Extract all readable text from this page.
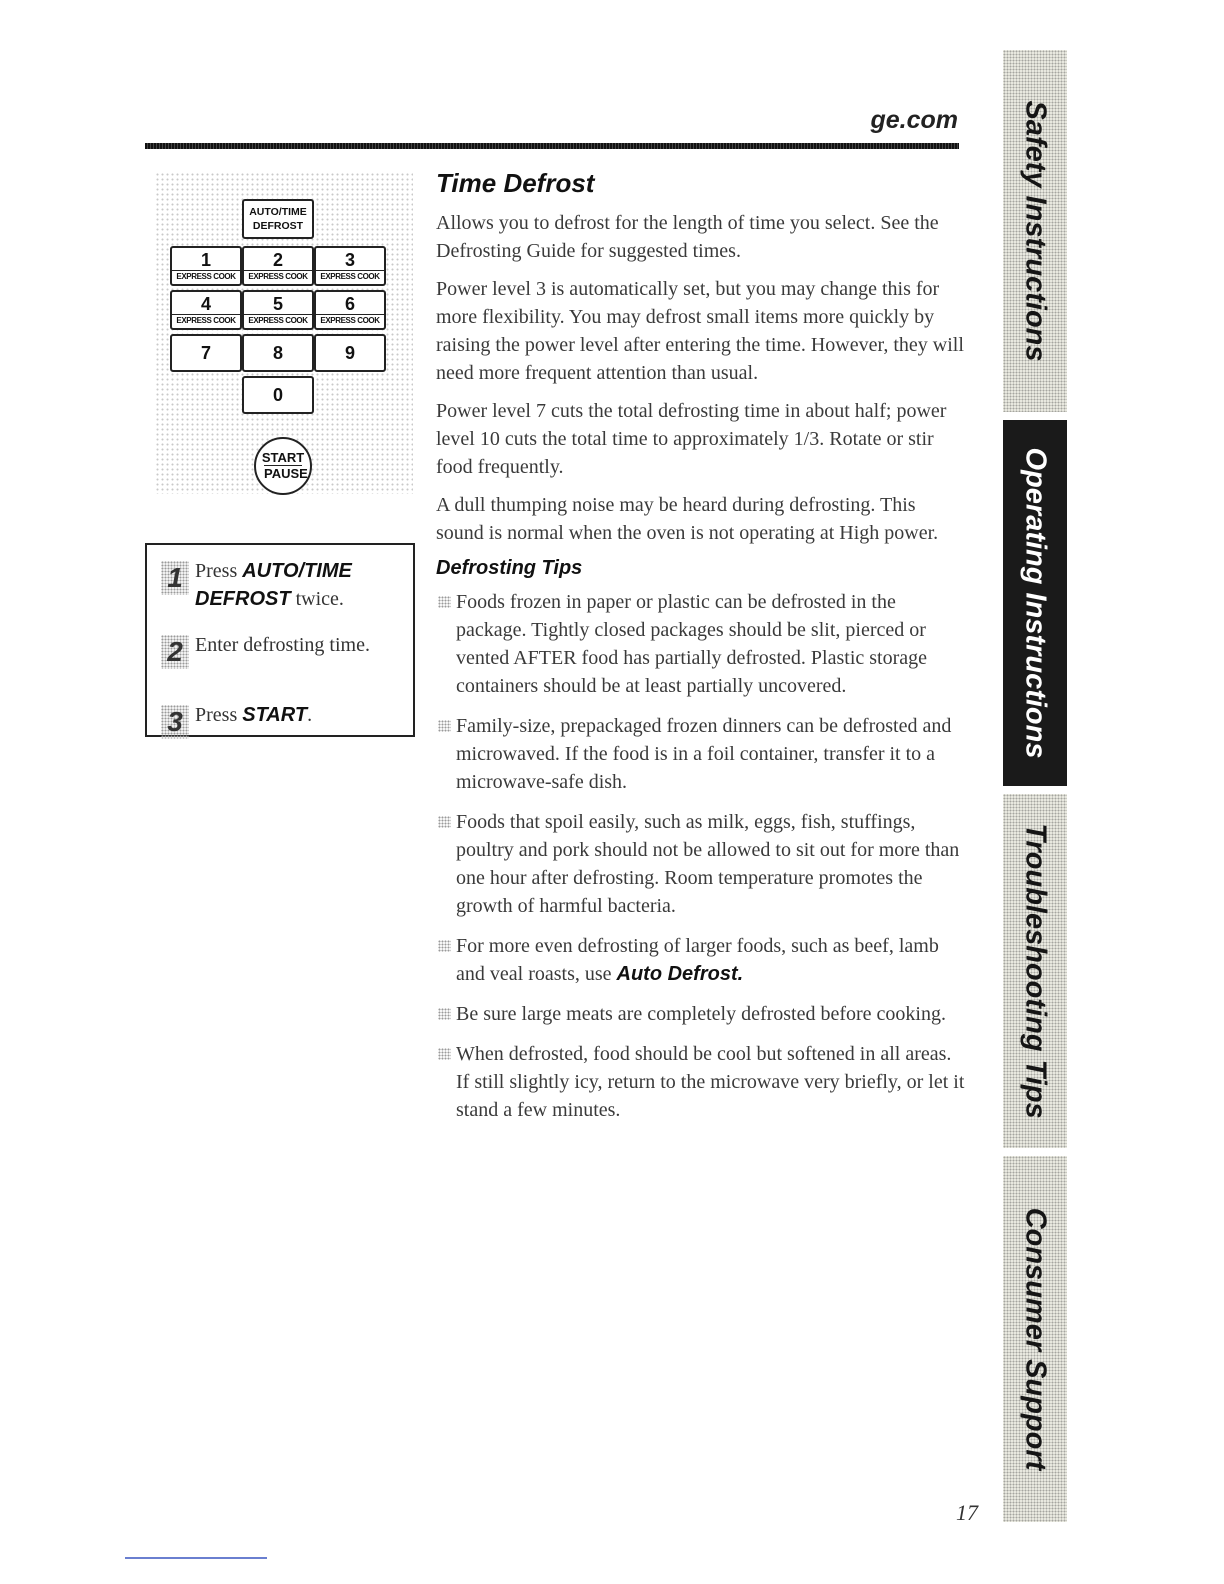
ge.com
AUTO/TIME
DEFROST
1
EXPRESS COOK
2
EXPRESS COOK
3
EXPRESS COOK
4
EXPRESS COOK
5
EXPRESS COOK
6
EXPRESS COOK
7	8	9
0
START
PAUSE
1 Press AUTO/TIME DEFROST twice.
2 Enter defrosting time.
3 Press START.
Time Defrost

Allows you to defrost for the length of time you select. See the Defrosting Guide for suggested times.

Power level 3 is automatically set, but you may change this for more flexibility. You may defrost small items more quickly by raising the power level after entering the time. However, they will need more frequent attention than usual.

Power level 7 cuts the total defrosting time in about half; power level 10 cuts the total time to approximately 1/3. Rotate or stir food frequently.

A dull thumping noise may be heard during defrosting. This sound is normal when the oven is not operating at High power.

Defrosting Tips
Foods frozen in paper or plastic can be defrosted in the package. Tightly closed packages should be slit, pierced or vented AFTER food has partially defrosted. Plastic storage containers should be at least partially uncovered.
Family-size, prepackaged frozen dinners can be defrosted and microwaved. If the food is in a foil container, transfer it to a microwave-safe dish.
Foods that spoil easily, such as milk, eggs, fish, stuffings, poultry and pork should not be allowed to sit out for more than one hour after defrosting. Room temperature promotes the growth of harmful bacteria.
For more even defrosting of larger foods, such as beef, lamb and veal roasts, use Auto Defrost.
Be sure large meats are completely defrosted before cooking.
When defrosted, food should be cool but softened in all areas. If still slightly icy, return to the microwave very briefly, or let it stand a few minutes.
17
Safety Instructions
Operating Instructions
Troubleshooting Tips
Consumer Support
